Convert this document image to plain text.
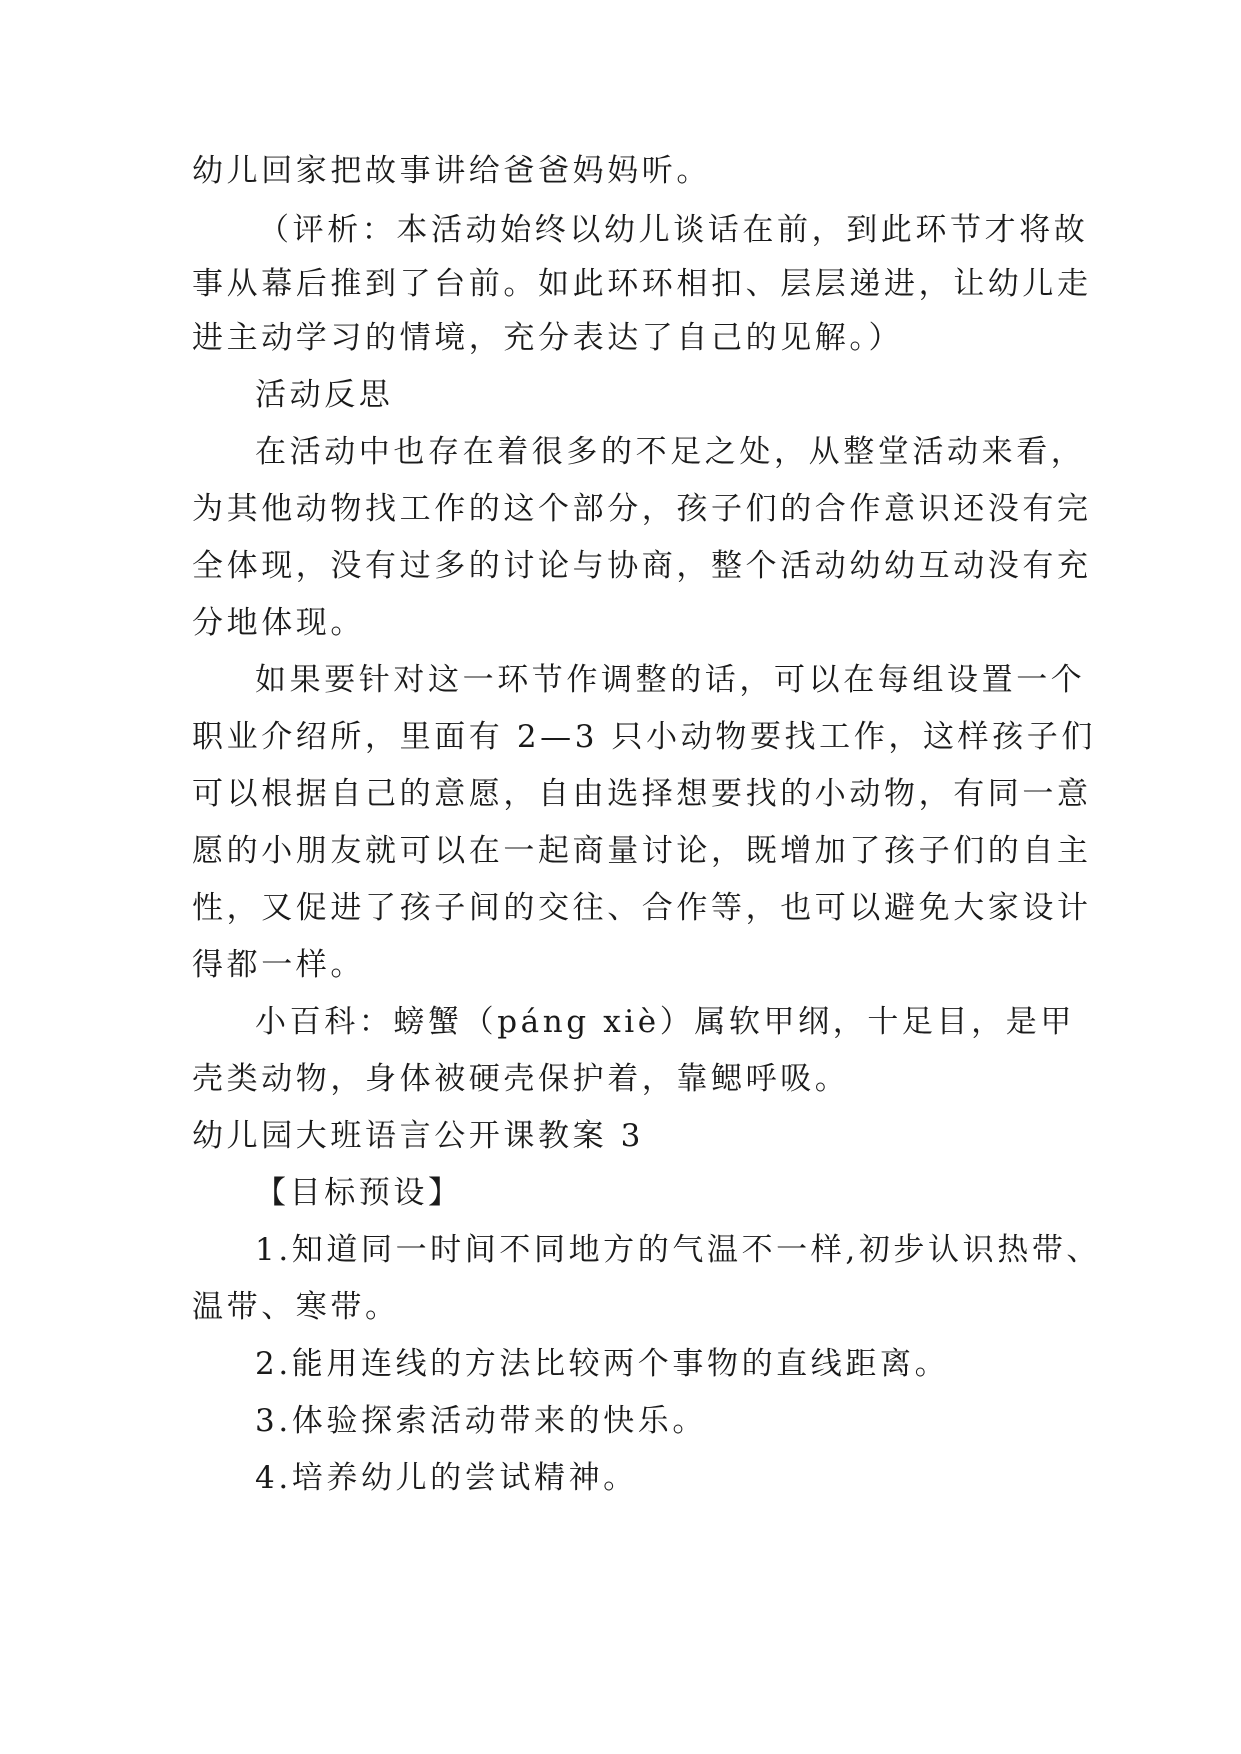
幼儿回家把故事讲给爸爸妈妈听。
（评析：本活动始终以幼儿谈话在前，到此环节才将故
事从幕后推到了台前。如此环环相扣、层层递进，让幼儿走
进主动学习的情境，充分表达了自己的见解。）
活动反思
在活动中也存在着很多的不足之处，从整堂活动来看，
为其他动物找工作的这个部分，孩子们的合作意识还没有完
全体现，没有过多的讨论与协商，整个活动幼幼互动没有充
分地体现。
如果要针对这一环节作调整的话，可以在每组设置一个
职业介绍所，里面有 2—3 只小动物要找工作，这样孩子们
可以根据自己的意愿，自由选择想要找的小动物，有同一意
愿的小朋友就可以在一起商量讨论，既增加了孩子们的自主
性，又促进了孩子间的交往、合作等，也可以避免大家设计
得都一样。
小百科：螃蟹（páng xiè）属软甲纲，十足目，是甲
壳类动物，身体被硬壳保护着，靠鳃呼吸。
幼儿园大班语言公开课教案 3
【目标预设】
1.知道同一时间不同地方的气温不一样,初步认识热带、
温带、寒带。
2.能用连线的方法比较两个事物的直线距离。
3.体验探索活动带来的快乐。
4.培养幼儿的尝试精神。
